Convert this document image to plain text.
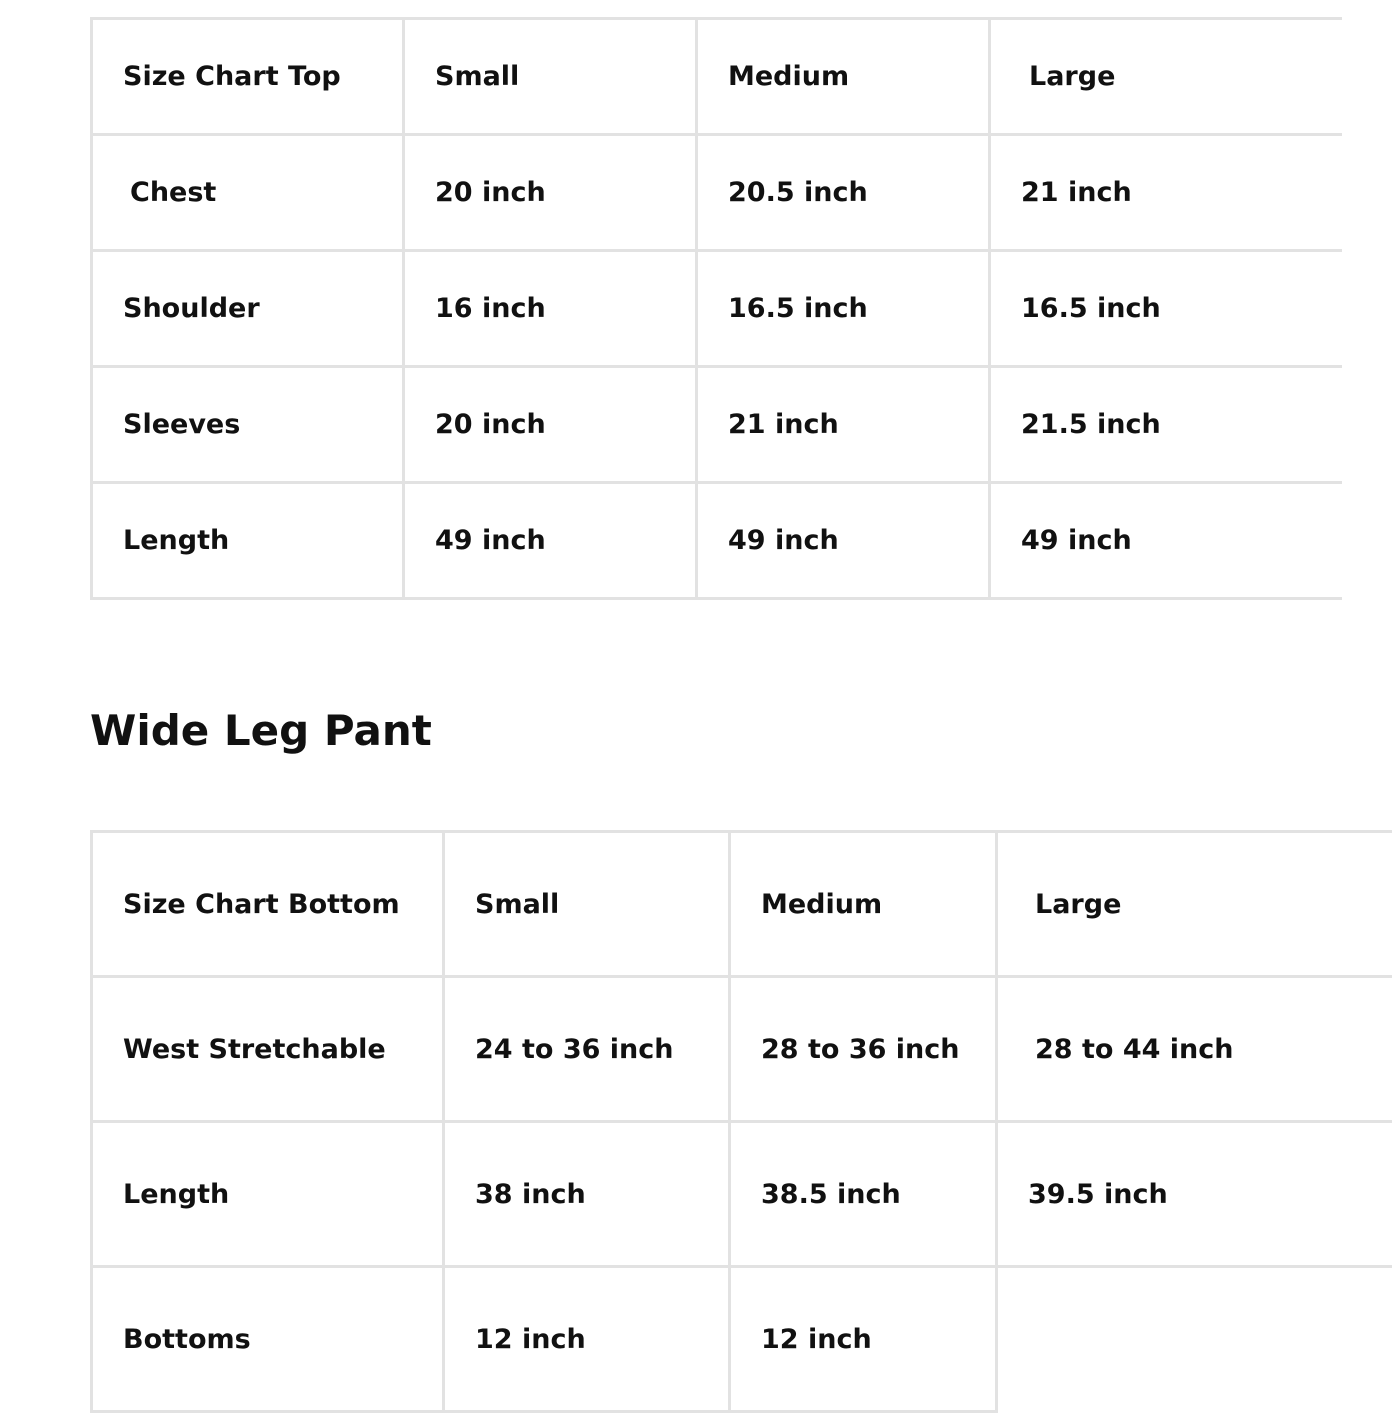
Size Chart Top	Small	Medium	Large
Chest	20 inch	20.5 inch	21 inch
Shoulder	16 inch	16.5 inch	16.5 inch
Sleeves	20 inch	21 inch	21.5 inch
Length	49 inch	49 inch	49 inch
Wide Leg Pant
Size Chart Bottom	Small	Medium	Large
West Stretchable	24 to 36 inch	28 to 36 inch	28 to 44 inch
Length	38 inch	38.5 inch	39.5 inch
Bottoms	12 inch	12 inch	
